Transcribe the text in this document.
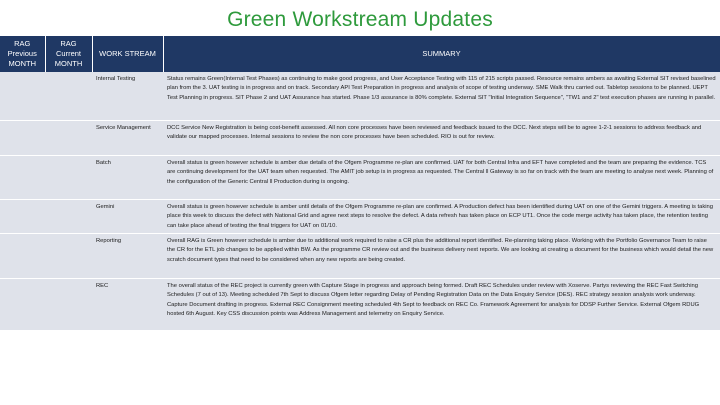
Green Workstream Updates
RAG Previous MONTH	RAG Current MONTH	WORK STREAM	SUMMARY
		Internal Testing	Status remains Green(Internal Test Phases) as continuing to make good progress, and User Acceptance Testing with 115 of 215 scripts passed. Resource remains ambers as awaiting External SIT revised baselined plan from the 3. UAT testing is in progress and on track. Secondary API Test Preparation in progress and analysis of scope of testing underway. SME Walk thru carried out. Tabletop sessions to be planned. UEPT Test Planning in progress. SIT Phase 2 and UAT Assurance has started. Phase 1/3 assurance is 80% complete. External SIT "Initial Integration Sequence", "TW1 and 2" test execution phases are running in parallel.
		Service Management	DCC Service New Registration is being cost-benefit assessed. All non core processes have been reviewed and feedback issued to the DCC. Next steps will be to agree 1-2-1 sessions to address feedback and validate our mapped processes. Internal sessions to review the non core processes have been scheduled. RIO is out for review.
		Batch	Overall status is green however schedule is amber due details of the Ofgem Programme re-plan are confirmed. UAT for both Central Infra and EFT have completed and the team are preparing the evidence. TCS are continuing development for the UAT team when requested. The AMIT job setup is in progress as requested. The Central ll Gateway is so far on track with the team are meeting to analyse next week. Planning of the configuration of the Generic Central ll Production during is ongoing.
		Gemini	Overall status is green however schedule is amber until details of the Ofgem Programme re-plan are confirmed. A Production defect has been identified during UAT on one of the Gemini triggers. A meeting is taking place this week to discuss the defect with National Grid and agree next steps to resolve the defect. A data refresh has taken place on ECP UT1. Once the code merge activity has taken place, the retention testing can take place ahead of testing the final triggers for UAT on 01/10.
		Reporting	Overall RAG is Green however schedule is amber due to additional work required to raise a CR plus the additional report identified. Re-planning taking place. Working with the Portfolio Governance Team to raise the CR for the ETL job changes to be applied within BW. As the programme CR review out and the business delivery next reports. We are looking at creating a document for the business which would detail the new scratch document types that need to be considered when any new reports are being created.
		REC	The overall status of the REC project is currently green with Capture Stage in progress and approach being formed. Draft REC Schedules under review with Xoserve. Partys reviewing the REC Fast Switching Schedules (7 out of 13). Meeting scheduled 7th Sept to discuss Ofgem letter regarding Delay of Pending Registration Data on the Data Enquiry Service (DES). REC strategy session analysis work underway. Capture Document drafting in progress. External REC Consignment meeting scheduled 4th Sept to feedback on REC Co. Framework Agreement for analysis for DDSP Further Service. External Ofgem RDUG hosted 6th August. Key CSS discussion points was Address Management and telemetry on Enquiry Service.
